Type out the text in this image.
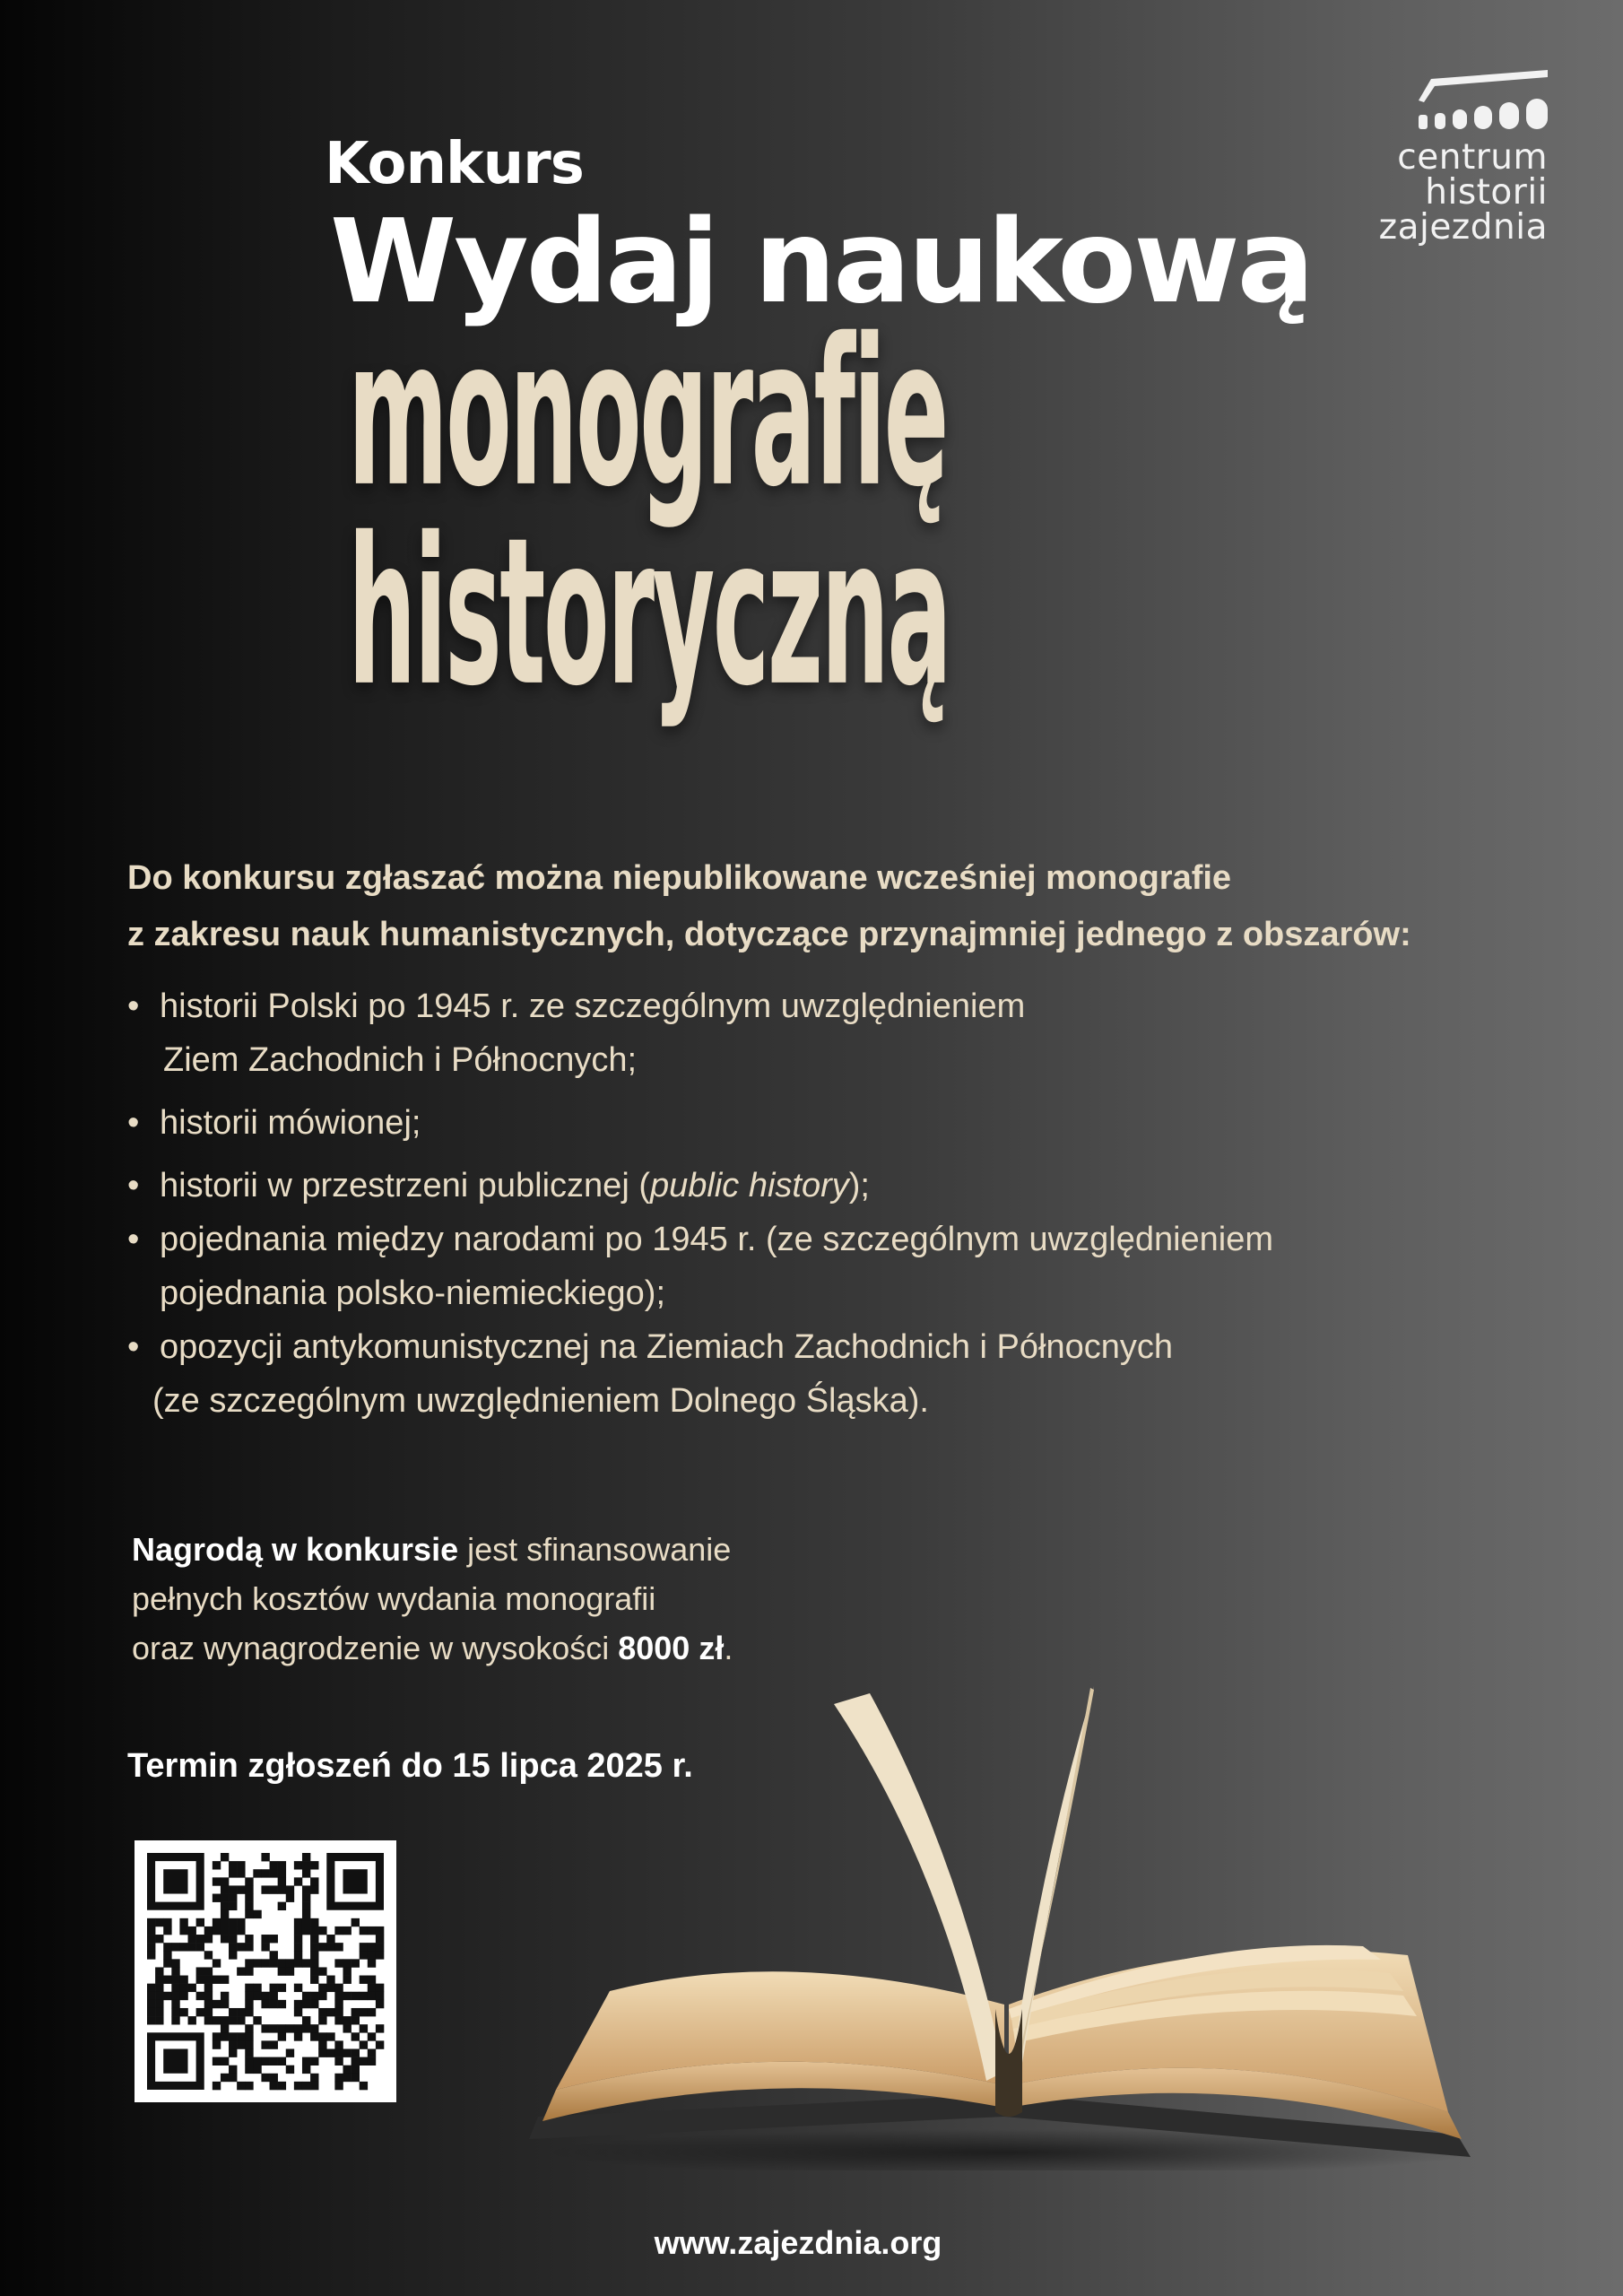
centrum
historii
zajezdnia
Konkurs
Wydaj naukową
monografię
historyczną
Do konkursu zgłaszać można niepublikowane wcześniej monografie
z zakresu nauk humanistycznych, dotyczące przynajmniej jednego z obszarów:
• historii Polski po 1945 r. ze szczególnym uwzględnieniem
Ziem Zachodnich i Północnych;
• historii mówionej;
• historii w przestrzeni publicznej (public history);
• pojednania między narodami po 1945 r. (ze szczególnym uwzględnieniem
pojednania polsko-niemieckiego);
• opozycji antykomunistycznej na Ziemiach Zachodnich i Północnych
(ze szczególnym uwzględnieniem Dolnego Śląska).
Nagrodą w konkursie jest sfinansowanie
pełnych kosztów wydania monografii
oraz wynagrodzenie w wysokości 8000 zł.
Termin zgłoszeń do 15 lipca 2025 r.
www.zajezdnia.org
